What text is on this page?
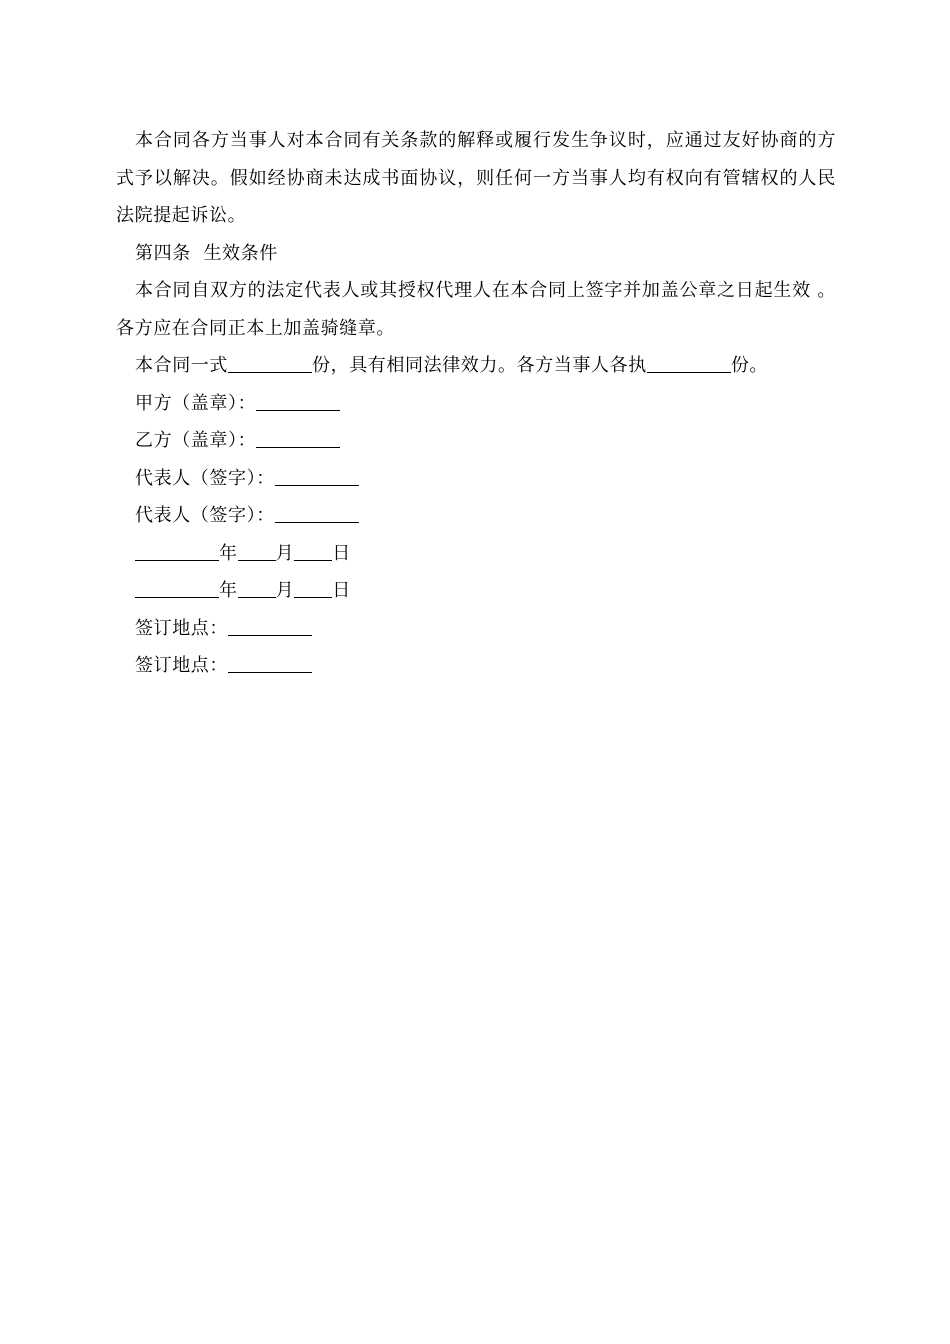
本合同各方当事人对本合同有关条款的解释或履行发生争议时，应通过友好协商的方式予以解决。假如经协商未达成书面协议，则任何一方当事人均有权向有管辖权的人民法院提起诉讼。

第四条  生效条件

本合同自双方的法定代表人或其授权代理人在本合同上签字并加盖公章之日起生效 。各方应在合同正本上加盖骑缝章。

本合同一式	份，具有相同法律效力。各方当事人各执	份。

甲方（盖章）：

乙方（盖章）：

代表人（签字）：

代表人（签字）：

年 月 日

年 月 日

签订地点：

签订地点：
